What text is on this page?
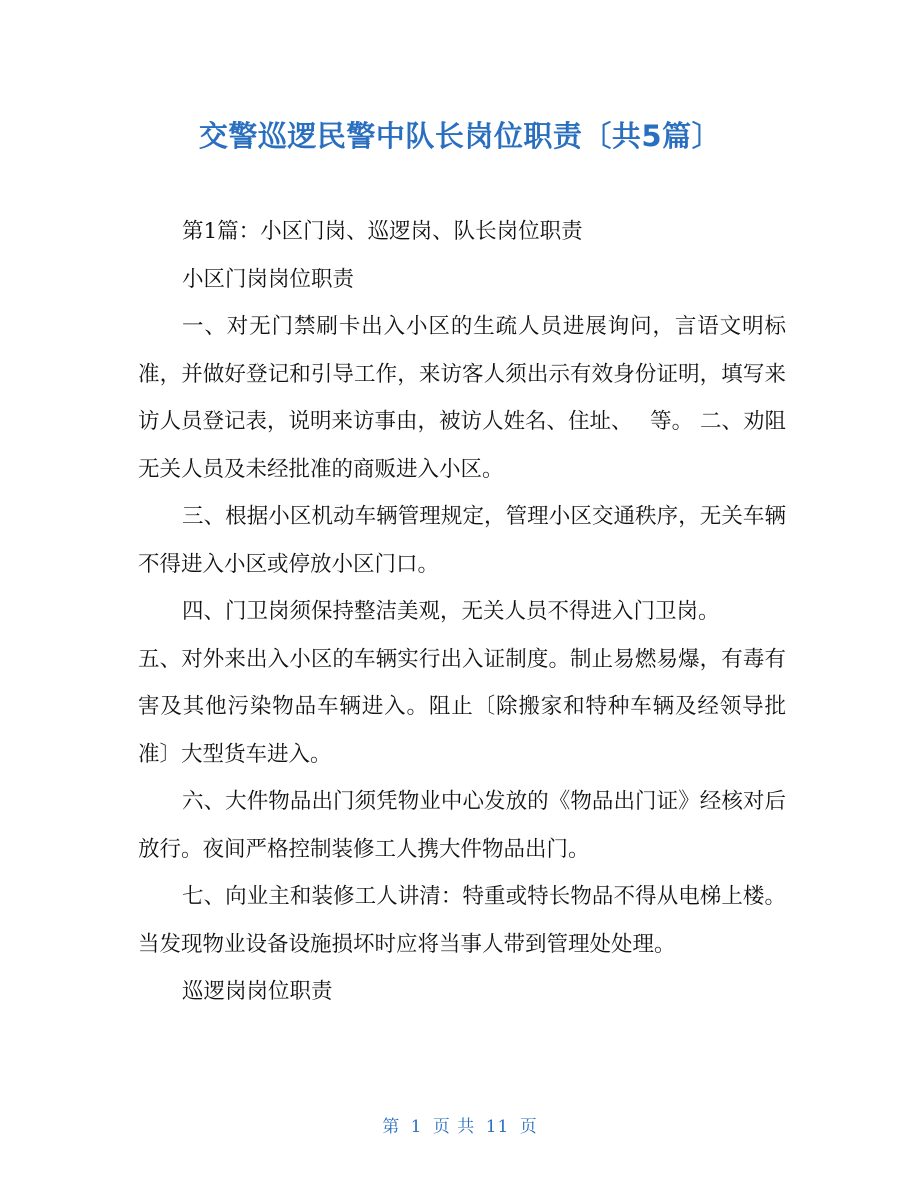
交警巡逻民警中队长岗位职责〔共5篇〕

第1篇：小区门岗、巡逻岗、队长岗位职责

小区门岗岗位职责

一、对无门禁刷卡出入小区的生疏人员进展询问，言语文明标准，并做好登记和引导工作，来访客人须出示有效身份证明，填写来访人员登记表，说明来访事由，被访人姓名、住址、　 等。 二、劝阻无关人员及未经批准的商贩进入小区。

三、根据小区机动车辆管理规定，管理小区交通秩序，无关车辆不得进入小区或停放小区门口。

四、门卫岗须保持整洁美观，无关人员不得进入门卫岗。

五、对外来出入小区的车辆实行出入证制度。制止易燃易爆，有毒有害及其他污染物品车辆进入。阻止〔除搬家和特种车辆及经领导批准〕大型货车进入。

六、大件物品出门须凭物业中心发放的《物品出门证》经核对后放行。夜间严格控制装修工人携大件物品出门。

七、向业主和装修工人讲清：特重或特长物品不得从电梯上楼。当发现物业设备设施损坏时应将当事人带到管理处处理。

巡逻岗岗位职责

第 1 页 共 11 页
